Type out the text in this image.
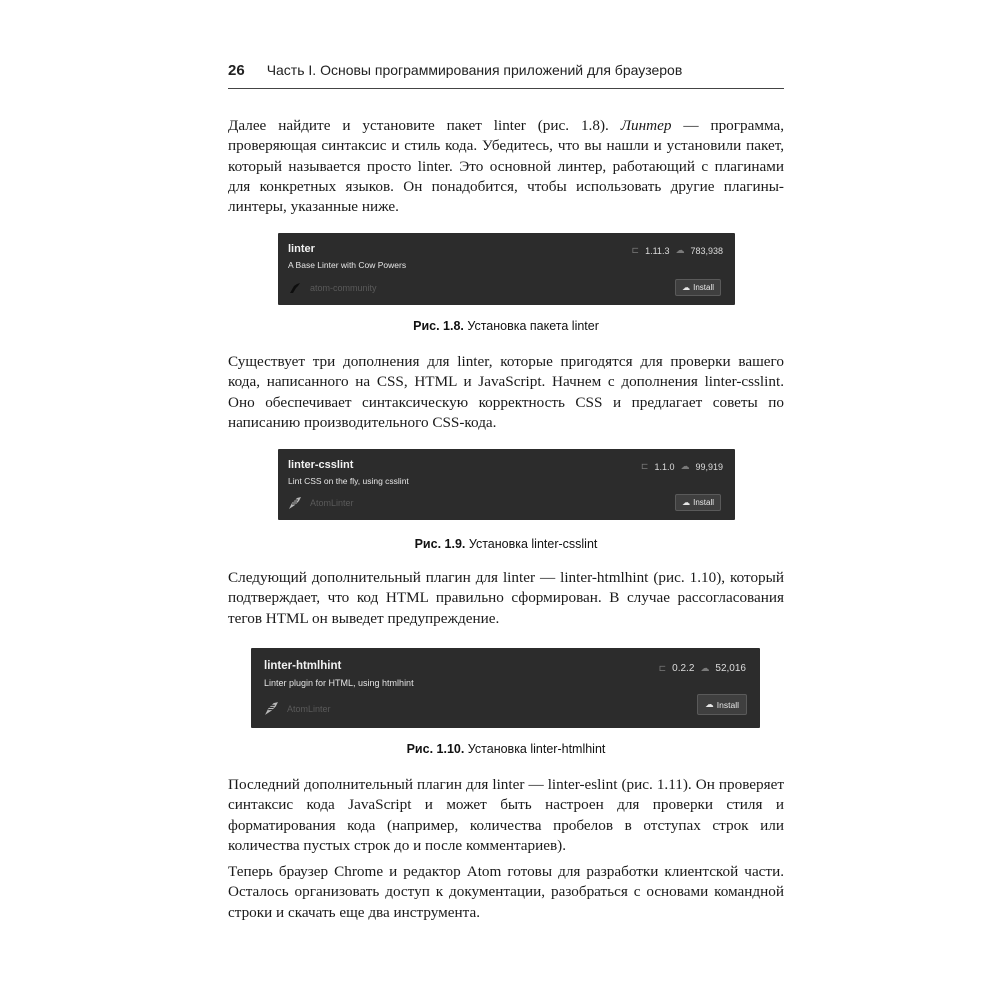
26 Часть I. Основы программирования приложений для браузеров

Далее найдите и установите пакет linter (рис. 1.8). Линтер — программа, проверяющая синтаксис и стиль кода. Убедитесь, что вы нашли и установили пакет, который называется просто linter. Это основной линтер, работающий с плагинами для конкретных языков. Он понадобится, чтобы использовать другие плагины-линтеры, указанные ниже.

linter
A Base Linter with Cow Powers
atom-community
⊏ 1.11.3 ☁ 783,938
☁ Install
Рис. 1.8. Установка пакета linter

Существует три дополнения для linter, которые пригодятся для проверки вашего кода, написанного на CSS, HTML и JavaScript. Начнем с дополнения linter-csslint. Оно обеспечивает синтаксическую корректность CSS и предлагает советы по написанию производительного CSS-кода.

linter-csslint
Lint CSS on the fly, using csslint
AtomLinter
⊏ 1.1.0 ☁ 99,919
☁ Install
Рис. 1.9. Установка linter-csslint

Следующий дополнительный плагин для linter — linter-htmlhint (рис. 1.10), который подтверждает, что код HTML правильно сформирован. В случае рассогласования тегов HTML он выведет предупреждение.

linter-htmlhint
Linter plugin for HTML, using htmlhint
AtomLinter
⊏ 0.2.2 ☁ 52,016
☁ Install
Рис. 1.10. Установка linter-htmlhint

Последний дополнительный плагин для linter — linter-eslint (рис. 1.11). Он проверяет синтаксис кода JavaScript и может быть настроен для проверки стиля и форматирования кода (например, количества пробелов в отступах строк или количества пустых строк до и после комментариев).

Теперь браузер Chrome и редактор Atom готовы для разработки клиентской части. Осталось организовать доступ к документации, разобраться с основами командной строки и скачать еще два инструмента.
